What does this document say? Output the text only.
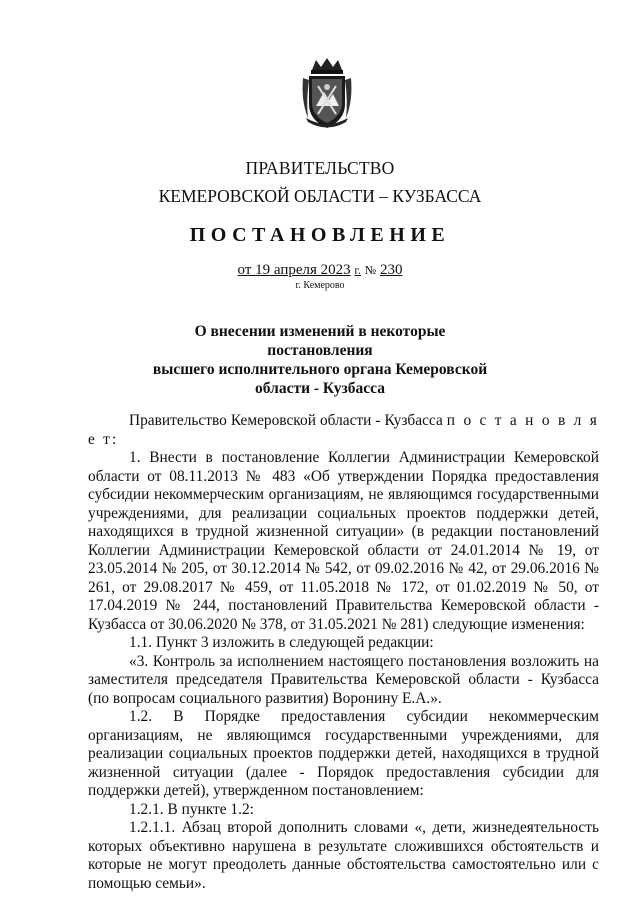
ПРАВИТЕЛЬСТВО
КЕМЕРОВСКОЙ ОБЛАСТИ – КУЗБАССА
ПОСТАНОВЛЕНИЕ
от 19 апреля 2023 г. № 230
г. Кемерово
О внесении изменений в некоторые постановления
высшего исполнительного органа Кемеровской
области - Кузбасса

Правительство Кемеровской области - Кузбасса п о с т а н о в л я е т:

1. Внести в постановление Коллегии Администрации Кемеровской области от 08.11.2013 № 483 «Об утверждении Порядка предоставления субсидии некоммерческим организациям, не являющимся государственными учреждениями, для реализации социальных проектов поддержки детей, находящихся в трудной жизненной ситуации» (в редакции постановлений Коллегии Администрации Кемеровской области от 24.01.2014 № 19, от 23.05.2014 № 205, от 30.12.2014 № 542, от 09.02.2016 № 42, от 29.06.2016 № 261, от 29.08.2017 № 459, от 11.05.2018 № 172, от 01.02.2019 № 50, от 17.04.2019 № 244, постановлений Правительства Кемеровской области - Кузбасса от 30.06.2020 № 378, от 31.05.2021 № 281) следующие изменения:

1.1. Пункт 3 изложить в следующей редакции:

«3. Контроль за исполнением настоящего постановления возложить на заместителя председателя Правительства Кемеровской области - Кузбасса (по вопросам социального развития) Воронину Е.А.».

1.2. В Порядке предоставления субсидии некоммерческим организациям, не являющимся государственными учреждениями, для реализации социальных проектов поддержки детей, находящихся в трудной жизненной ситуации (далее - Порядок предоставления субсидии для поддержки детей), утвержденном постановлением:

1.2.1. В пункте 1.2:

1.2.1.1. Абзац второй дополнить словами «, дети, жизнедеятельность которых объективно нарушена в результате сложившихся обстоятельств и которые не могут преодолеть данные обстоятельства самостоятельно или с помощью семьи».
